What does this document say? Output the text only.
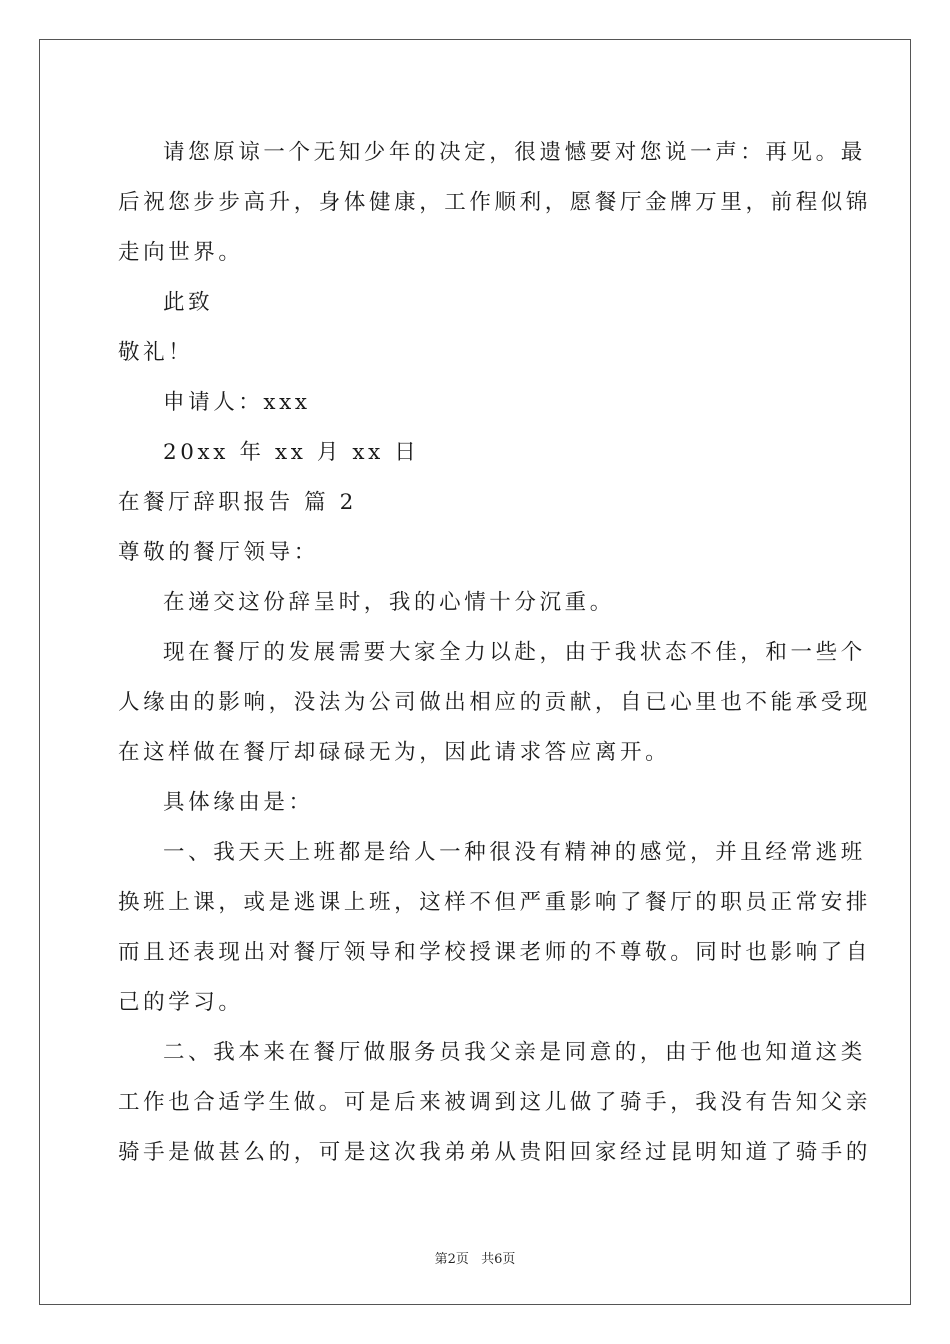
请您原谅一个无知少年的决定，很遗憾要对您说一声：再见。最
后祝您步步高升，身体健康，工作顺利，愿餐厅金牌万里，前程似锦
走向世界。
此致
敬礼！
申请人：xxx
20xx 年 xx 月 xx 日
在餐厅辞职报告 篇 2
尊敬的餐厅领导：
在递交这份辞呈时，我的心情十分沉重。
现在餐厅的发展需要大家全力以赴，由于我状态不佳，和一些个
人缘由的影响，没法为公司做出相应的贡献，自已心里也不能承受现
在这样做在餐厅却碌碌无为，因此请求答应离开。
具体缘由是：
一、我天天上班都是给人一种很没有精神的感觉，并且经常逃班
换班上课，或是逃课上班，这样不但严重影响了餐厅的职员正常安排
而且还表现出对餐厅领导和学校授课老师的不尊敬。同时也影响了自
己的学习。
二、我本来在餐厅做服务员我父亲是同意的，由于他也知道这类
工作也合适学生做。可是后来被调到这儿做了骑手，我没有告知父亲
骑手是做甚么的，可是这次我弟弟从贵阳回家经过昆明知道了骑手的
第2页 共6页
